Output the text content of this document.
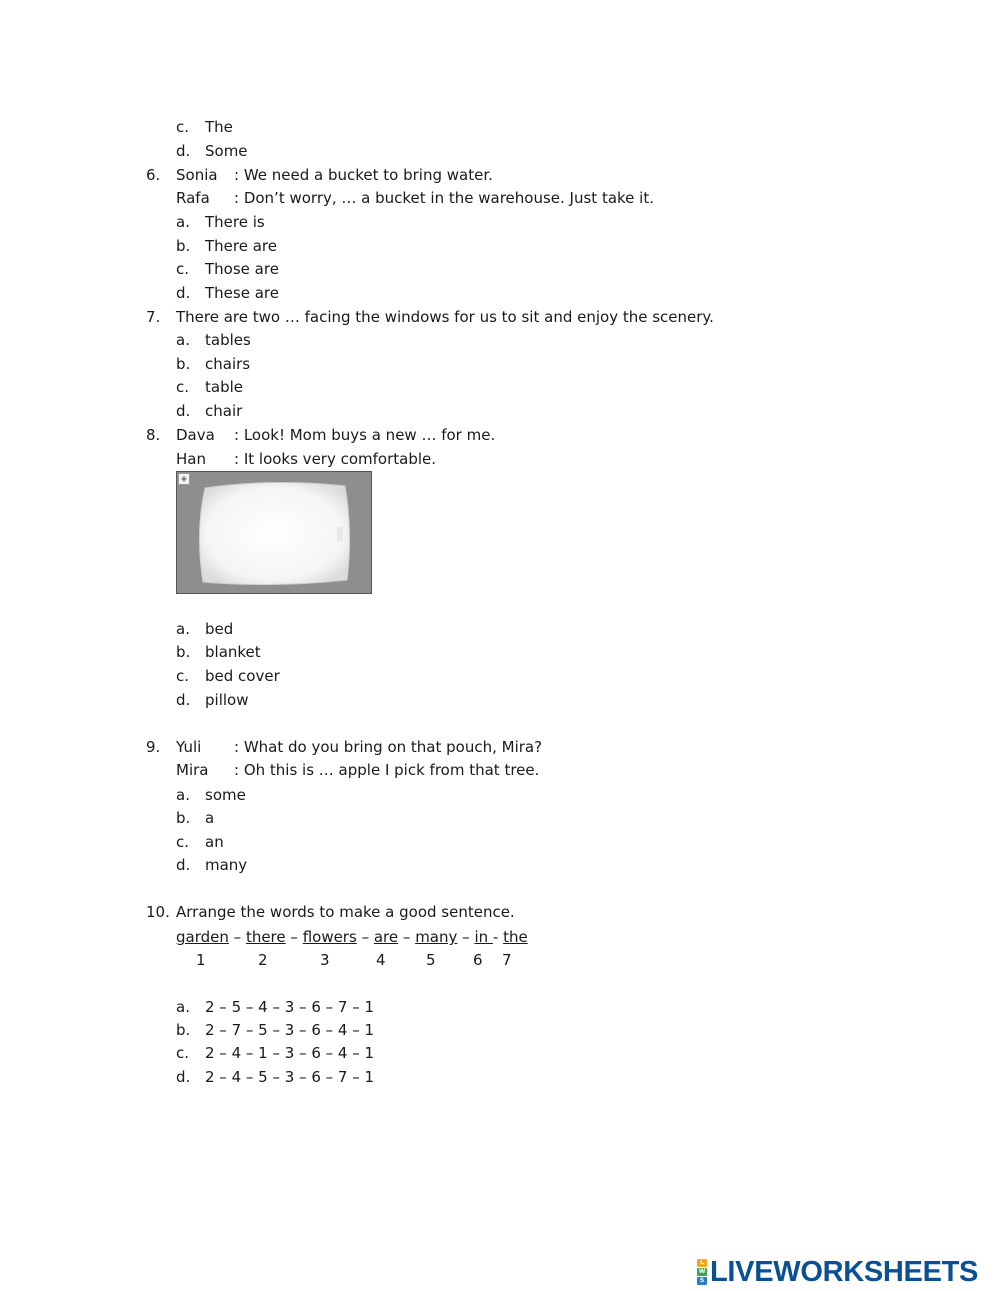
c. The
d. Some
6. Sonia : We need a bucket to bring water.
Rafa : Don’t worry, … a bucket in the warehouse. Just take it.
a. There is
b. There are
c. Those are
d. These are
7. There are two … facing the windows for us to sit and enjoy the scenery.
a. tables
b. chairs
c. table
d. chair
8. Dava : Look! Mom buys a new … for me.
Han : It looks very comfortable.
◈
a. bed
b. blanket
c. bed cover
d. pillow
9. Yuli : What do you bring on that pouch, Mira?
Mira : Oh this is … apple I pick from that tree.
a. some
b. a
c. an
d. many
10. Arrange the words to make a good sentence.
garden – there – flowers – are – many – in - the
1	2	3	4	5 6 7
a. 2 – 5 – 4 – 3 – 6 – 7 – 1
b. 2 – 7 – 5 – 3 – 6 – 4 – 1
c. 2 – 4 – 1 – 3 – 6 – 4 – 1
d. 2 – 4 – 5 – 3 – 6 – 7 – 1
L
W
S LIVEWORKSHEETS
